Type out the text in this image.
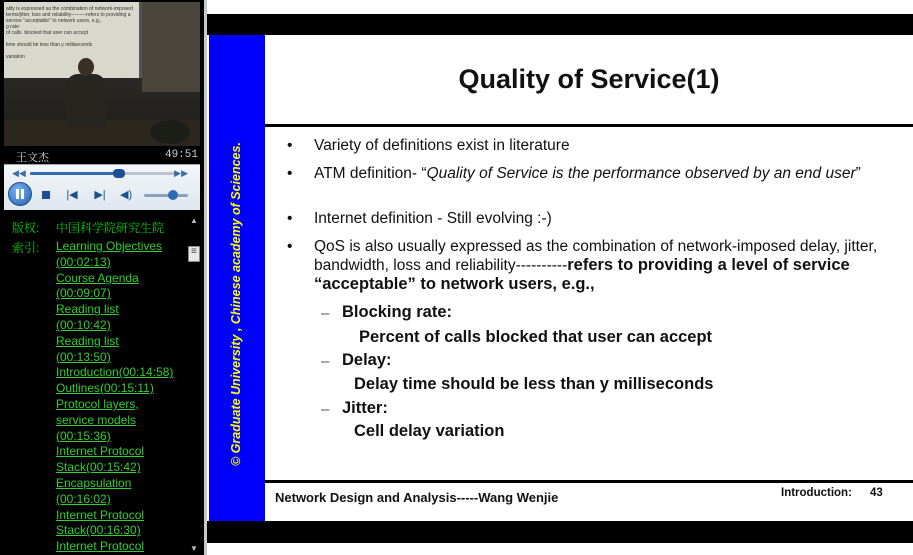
ality is expressed as the combination of network-imposed
terms/jitter, loss and reliability---------refers to providing a
service "acceptable" to network users, e.g.,
g rate:
of calls  blocked that user can accept

time should be less than y milliseconds

variation
王文杰	49:51
◀◀	▶▶
|◀ ▶| ◀)
版权: 中国科学院研究生院
索引: Learning Objectives
(00:02:13)
Course Agenda
(00:09:07)
Reading list
(00:10:42)
Reading list
(00:13:50)
Introduction(00:14:58)
Outlines(00:15:11)
Protocol layers,
service models
(00:15:36)
Internet Protocol
Stack(00:15:42)
Encapsulation
(00:16:02)
Internet Protocol
Stack(00:16:30)
Internet Protocol
▲
≡
▼
© Graduate University , Chinese academy of Sciences.
Quality of Service(1)
• Variety of definitions exist in literature
• ATM definition- “Quality of Service is the performance observed by an end user”
• Internet definition - Still evolving :-)
• QoS is also usually expressed as the combination of network-imposed delay, jitter, bandwidth, loss and reliability----------refers to providing a level of service “acceptable” to network users, e.g.,
– Blocking rate:
Percent of calls blocked that user can accept
– Delay:
Delay time should be less than y milliseconds
– Jitter:
Cell delay variation
Network Design and Analysis-----Wang Wenjie	Introduction: 43
